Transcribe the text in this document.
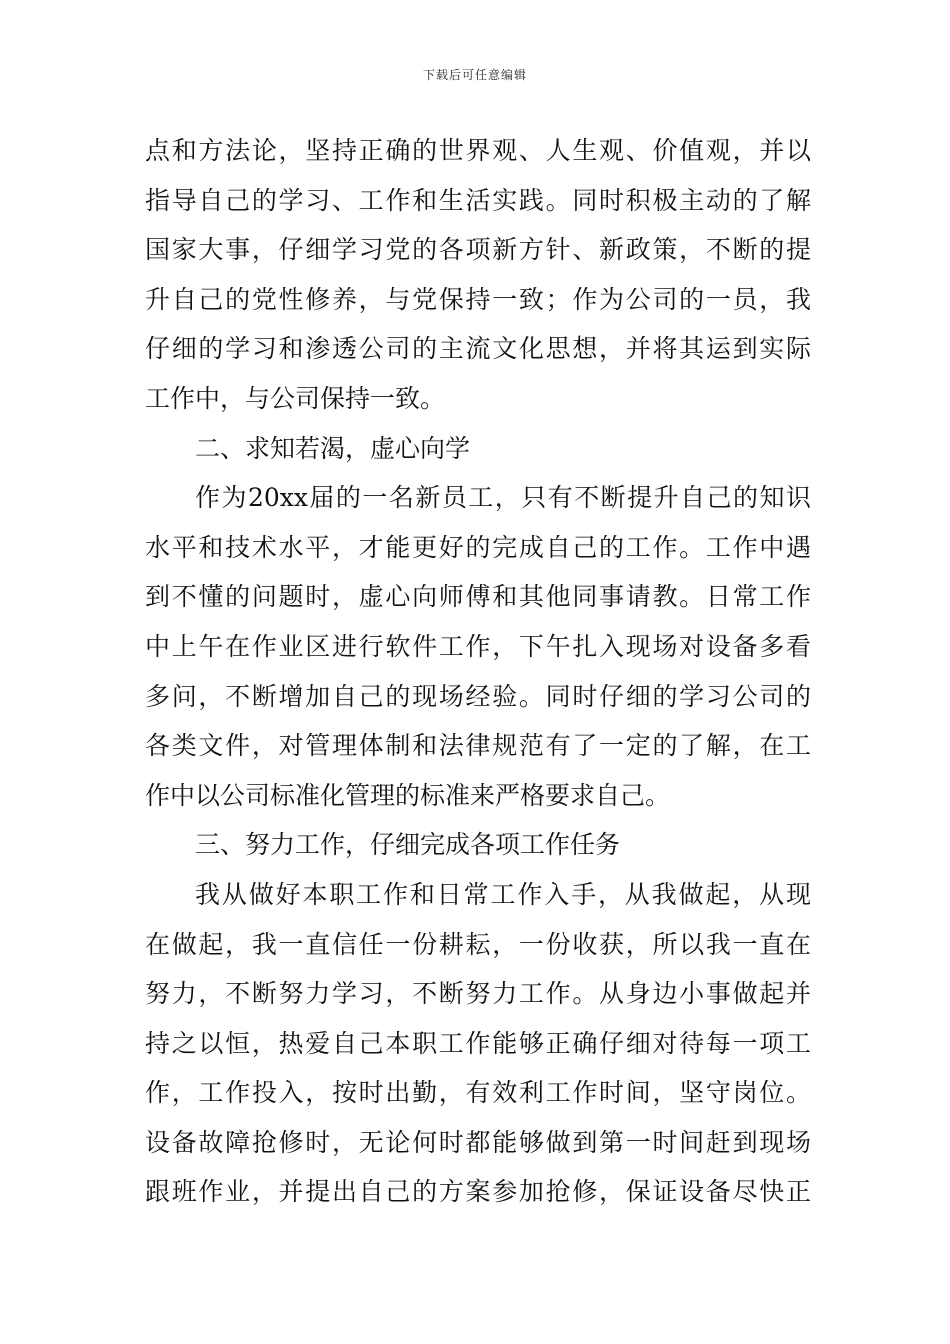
下载后可任意编辑
点和方法论，坚持正确的世界观、人生观、价值观，并以
指导自己的学习、工作和生活实践。同时积极主动的了解
国家大事，仔细学习党的各项新方针、新政策，不断的提
升自己的党性修养，与党保持一致；作为公司的一员，我
仔细的学习和渗透公司的主流文化思想，并将其运到实际
工作中，与公司保持一致。
二、求知若渴，虚心向学
作为20xx届的一名新员工，只有不断提升自己的知识
水平和技术水平，才能更好的完成自己的工作。工作中遇
到不懂的问题时，虚心向师傅和其他同事请教。日常工作
中上午在作业区进行软件工作，下午扎入现场对设备多看
多问，不断增加自己的现场经验。同时仔细的学习公司的
各类文件，对管理体制和法律规范有了一定的了解，在工
作中以公司标准化管理的标准来严格要求自己。
三、努力工作，仔细完成各项工作任务
我从做好本职工作和日常工作入手，从我做起，从现
在做起，我一直信任一份耕耘，一份收获，所以我一直在
努力，不断努力学习，不断努力工作。从身边小事做起并
持之以恒，热爱自己本职工作能够正确仔细对待每一项工
作，工作投入，按时出勤，有效利工作时间，坚守岗位。
设备故障抢修时，无论何时都能够做到第一时间赶到现场
跟班作业，并提出自己的方案参加抢修，保证设备尽快正
